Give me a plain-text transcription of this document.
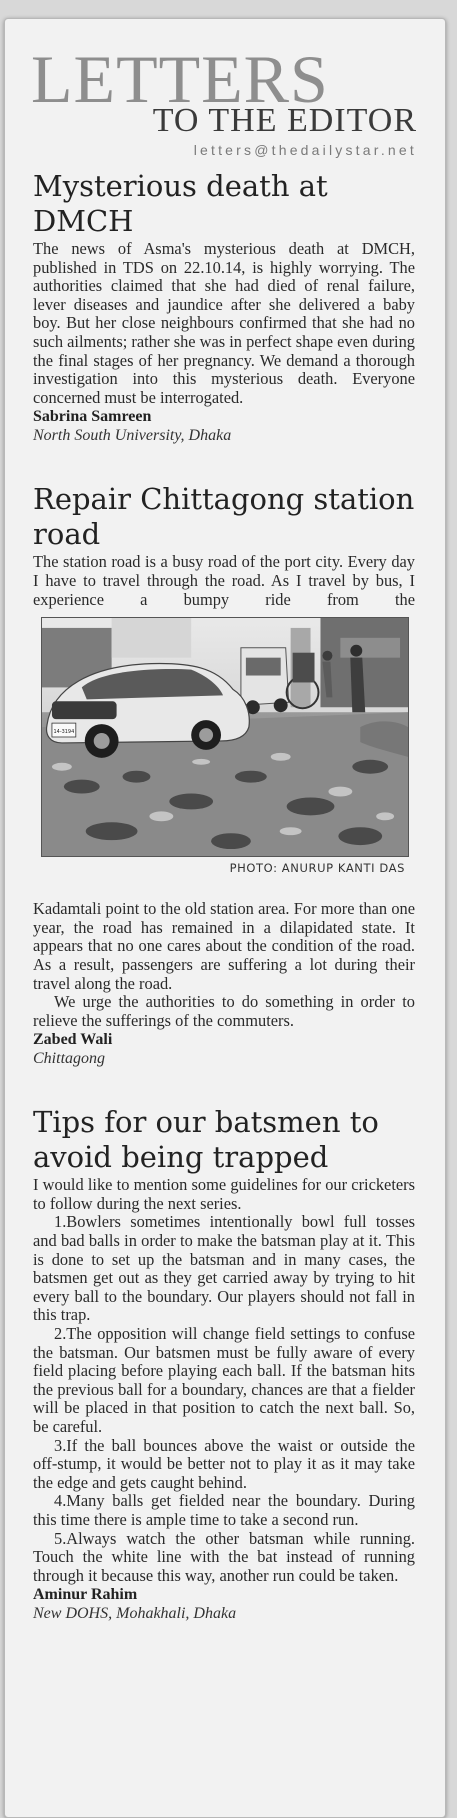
LETTERS
TO THE EDITOR
letters@thedailystar.net
Mysterious death at DMCH

The news of Asma's mysterious death at DMCH, published in TDS on 22.10.14, is highly worrying. The authorities claimed that she had died of renal failure, lever diseases and jaundice after she delivered a baby boy. But her close neighbours confirmed that she had no such ailments; rather she was in perfect shape even during the final stages of her pregnancy. We demand a thorough investigation into this mysterious death. Everyone concerned must be interrogated.

Sabrina Samreen
North South University, Dhaka
Repair Chittagong station road

The station road is a busy road of the port city. Every day I have to travel through the road. As I travel by bus, I experience a bumpy ride from the

14-3194
PHOTO: ANURUP KANTI DAS

Kadamtali point to the old station area. For more than one year, the road has remained in a dilapidated state. It appears that no one cares about the condition of the road. As a result, passengers are suffering a lot during their travel along the road.

We urge the authorities to do something in order to relieve the sufferings of the commuters.

Zabed Wali
Chittagong
Tips for our batsmen to avoid being trapped

I would like to mention some guidelines for our cricketers to follow during the next series.

1.Bowlers sometimes intentionally bowl full tosses and bad balls in order to make the batsman play at it. This is done to set up the batsman and in many cases, the batsmen get out as they get carried away by trying to hit every ball to the boundary. Our players should not fall in this trap.

2.The opposition will change field settings to confuse the batsman. Our batsmen must be fully aware of every field placing before playing each ball. If the batsman hits the previous ball for a boundary, chances are that a fielder will be placed in that position to catch the next ball. So, be careful.

3.If the ball bounces above the waist or outside the off-stump, it would be better not to play it as it may take the edge and gets caught behind.

4.Many balls get fielded near the boundary. During this time there is ample time to take a second run.

5.Always watch the other batsman while running. Touch the white line with the bat instead of running through it because this way, another run could be taken.

Aminur Rahim
New DOHS, Mohakhali, Dhaka
